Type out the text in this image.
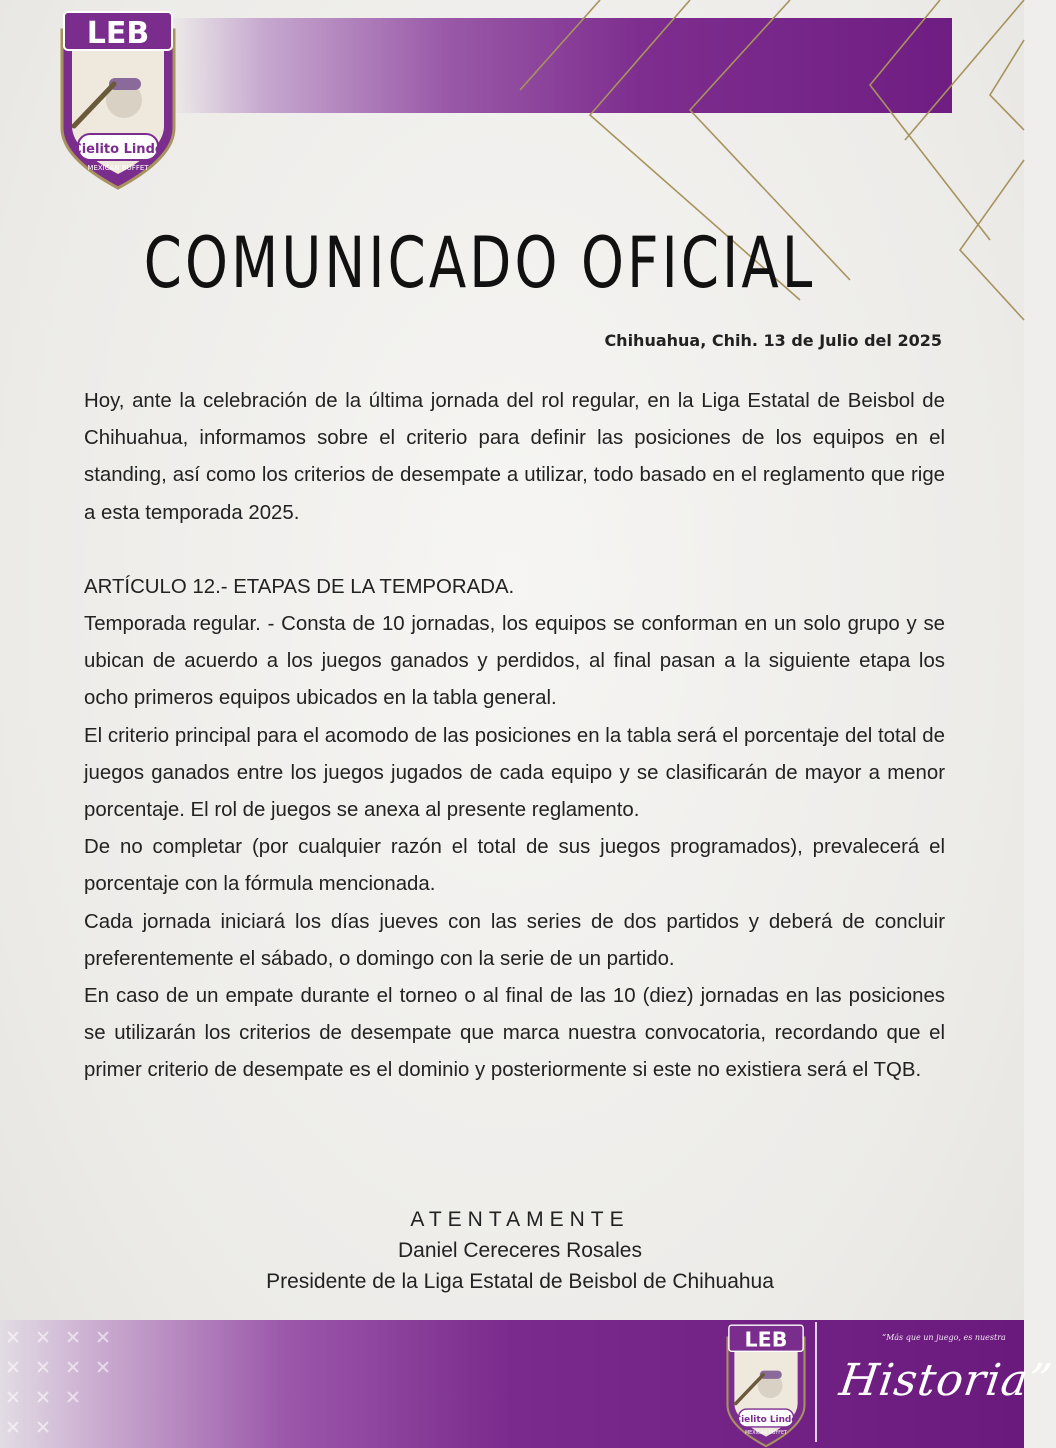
LEB
Cielito Lindo
MEXICAN BUFFET
COMUNICADO OFICIAL
Chihuahua, Chih. 13 de Julio del 2025

Hoy, ante la celebración de la última jornada del rol regular, en la Liga Estatal de Beisbol de Chihuahua, informamos sobre el criterio para definir las posiciones de los equipos en el standing, así como los criterios de desempate a utilizar, todo basado en el reglamento que rige a esta temporada 2025.

ARTÍCULO 12.- ETAPAS DE LA TEMPORADA.

Temporada regular. - Consta de 10 jornadas, los equipos se conforman en un solo grupo y se ubican de acuerdo a los juegos ganados y perdidos, al final pasan a la siguiente etapa los ocho primeros equipos ubicados en la tabla general.

El criterio principal para el acomodo de las posiciones en la tabla será el porcentaje del total de juegos ganados entre los juegos jugados de cada equipo y se clasificarán de mayor a menor porcentaje. El rol de juegos se anexa al presente reglamento.

De no completar (por cualquier razón el total de sus juegos programados), prevalecerá el porcentaje con la fórmula mencionada.

Cada jornada iniciará los días jueves con las series de dos partidos y deberá de concluir preferentemente el sábado, o domingo con la serie de un partido.

En caso de un empate durante el torneo o al final de las 10 (diez) jornadas en las posiciones se utilizarán los criterios de desempate que marca nuestra convocatoria, recordando que el primer criterio de desempate es el dominio y posteriormente si este no existiera será el TQB.

ATENTAMENTE
Daniel Cereceres Rosales
Presidente de la Liga Estatal de Beisbol de Chihuahua
LEB
Cielito Lindo
MEXICAN BUFFET
“Más que un juego, es nuestra
Historia”
